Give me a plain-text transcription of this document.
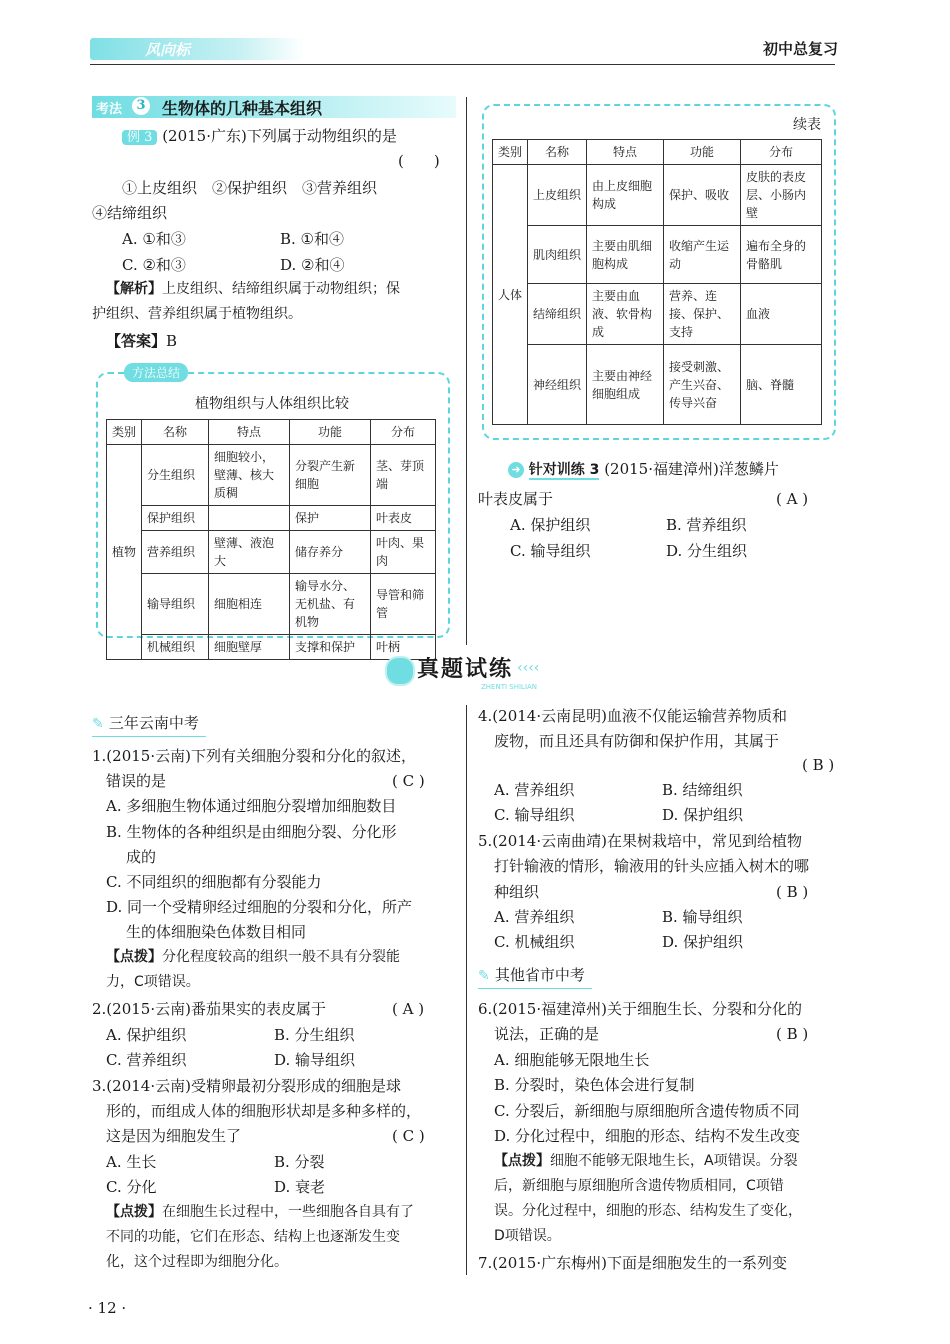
风向标	初中总复习
考法	3 生物体的几种基本组织
例 3 (2015·广东)下列属于动物组织的是
(　　)
①上皮组织　②保护组织　③营养组织
④结缔组织
A. ①和③	B. ①和④
C. ②和③	D. ②和④
【解析】上皮组织、结缔组织属于动物组织；保
护组织、营养组织属于植物组织。
【答案】B
方法总结
植物组织与人体组织比较
类别	名称	特点	功能	分布
植物	分生组织	细胞较小，壁薄、核大质稠	分裂产生新细胞	茎、芽顶端
	保护组织		保护	叶表皮
	营养组织	壁薄、液泡大	储存养分	叶肉、果肉
	输导组织	细胞相连	输导水分、无机盐、有机物	导管和筛管
	机械组织	细胞壁厚	支撑和保护	叶柄
续表
类别	名称	特点	功能	分布
人体	上皮组织	由上皮细胞构成	保护、吸收	皮肤的表皮层、小肠内壁
	肌肉组织	主要由肌细胞构成	收缩产生运动	遍布全身的骨骼肌
	结缔组织	主要由血液、软骨构成	营养、连接、保护、支持	血液
	神经组织	主要由神经细胞组成	接受刺激、产生兴奋、传导兴奋	脑、脊髓
➜ 针对训练 3 (2015·福建漳州)洋葱鳞片
叶表皮属于	( A )
A. 保护组织	B. 营养组织
C. 输导组织	D. 分生组织
真题试练 ‹‹‹‹
ZHENTI SHILIAN
✎ 三年云南中考
1.(2015·云南)下列有关细胞分裂和分化的叙述，
错误的是	( C )
A. 多细胞生物体通过细胞分裂增加细胞数目
B. 生物体的各种组织是由细胞分裂、分化形
成的
C. 不同组织的细胞都有分裂能力
D. 同一个受精卵经过细胞的分裂和分化，所产
生的体细胞染色体数目相同
【点拨】分化程度较高的组织一般不具有分裂能
力，C项错误。
2.(2015·云南)番茄果实的表皮属于	( A )
A. 保护组织	B. 分生组织
C. 营养组织	D. 输导组织
3.(2014·云南)受精卵最初分裂形成的细胞是球
形的，而组成人体的细胞形状却是多种多样的，
这是因为细胞发生了	( C )
A. 生长	B. 分裂
C. 分化	D. 衰老
【点拨】在细胞生长过程中，一些细胞各自具有了
不同的功能，它们在形态、结构上也逐渐发生变
化，这个过程即为细胞分化。
4.(2014·云南昆明)血液不仅能运输营养物质和
废物，而且还具有防御和保护作用，其属于
( B )
A. 营养组织	B. 结缔组织
C. 输导组织	D. 保护组织
5.(2014·云南曲靖)在果树栽培中，常见到给植物
打针输液的情形，输液用的针头应插入树木的哪
种组织	( B )
A. 营养组织	B. 输导组织
C. 机械组织	D. 保护组织
✎ 其他省市中考
6.(2015·福建漳州)关于细胞生长、分裂和分化的
说法，正确的是	( B )
A. 细胞能够无限地生长
B. 分裂时，染色体会进行复制
C. 分裂后，新细胞与原细胞所含遗传物质不同
D. 分化过程中，细胞的形态、结构不发生改变
【点拨】细胞不能够无限地生长，A项错误。分裂
后，新细胞与原细胞所含遗传物质相同，C项错
误。分化过程中，细胞的形态、结构发生了变化，
D项错误。
7.(2015·广东梅州)下面是细胞发生的一系列变
· 12 ·
